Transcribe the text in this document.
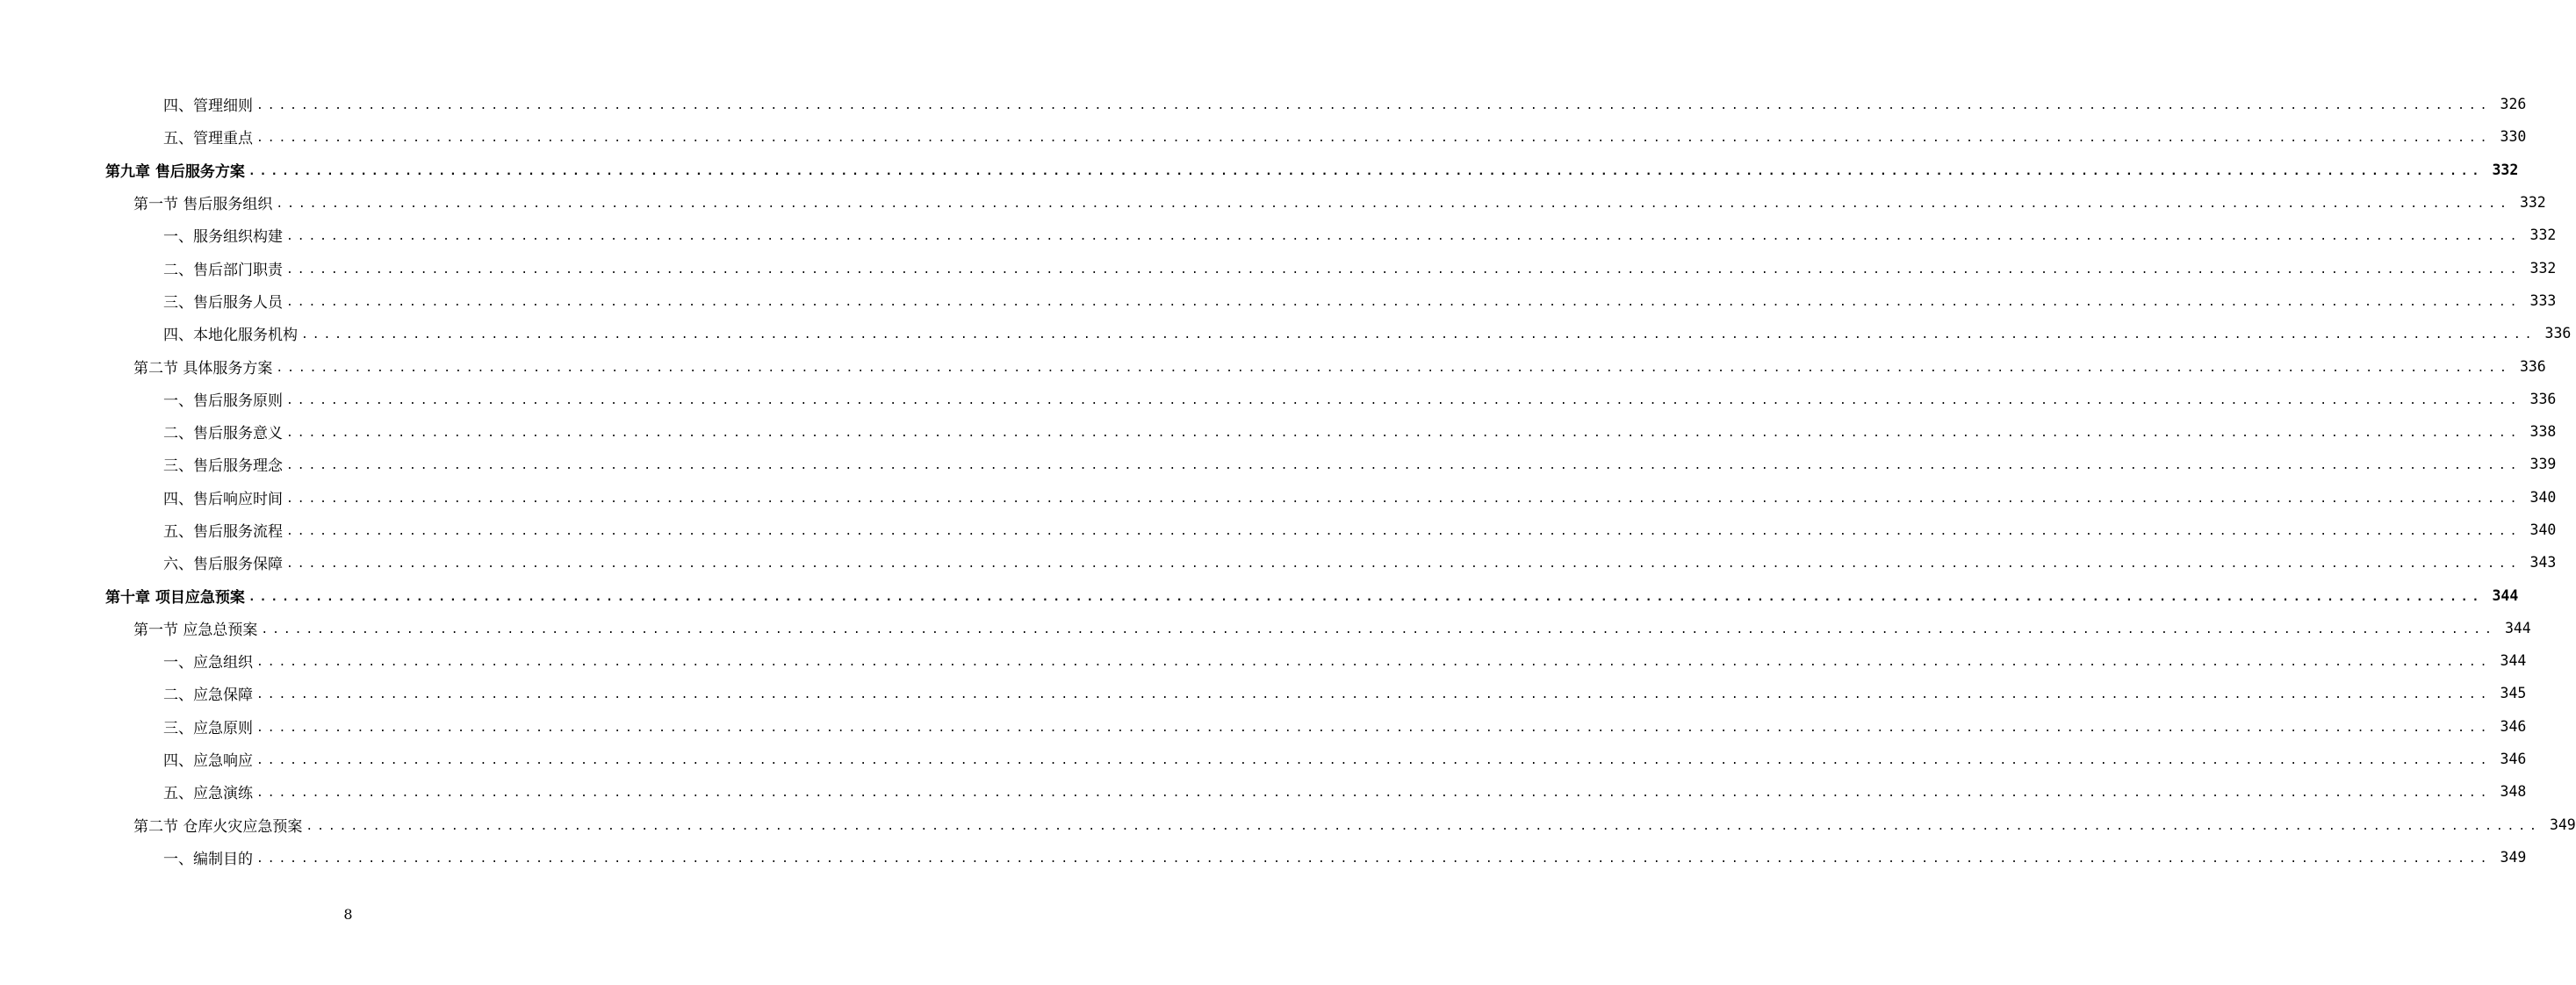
四、管理细则 ........................................................................................................................................................................................................ 326
五、管理重点 ........................................................................................................................................................................................................ 330
第九章 售后服务方案 ........................................................................................................................................................................................................ 332
第一节 售后服务组织 ........................................................................................................................................................................................................ 332
一、服务组织构建 ........................................................................................................................................................................................................ 332
二、售后部门职责 ........................................................................................................................................................................................................ 332
三、售后服务人员 ........................................................................................................................................................................................................ 333
四、本地化服务机构 ........................................................................................................................................................................................................ 336
第二节 具体服务方案 ........................................................................................................................................................................................................ 336
一、售后服务原则 ........................................................................................................................................................................................................ 336
二、售后服务意义 ........................................................................................................................................................................................................ 338
三、售后服务理念 ........................................................................................................................................................................................................ 339
四、售后响应时间 ........................................................................................................................................................................................................ 340
五、售后服务流程 ........................................................................................................................................................................................................ 340
六、售后服务保障 ........................................................................................................................................................................................................ 343
第十章 项目应急预案 ........................................................................................................................................................................................................ 344
第一节 应急总预案 ........................................................................................................................................................................................................ 344
一、应急组织 ........................................................................................................................................................................................................ 344
二、应急保障 ........................................................................................................................................................................................................ 345
三、应急原则 ........................................................................................................................................................................................................ 346
四、应急响应 ........................................................................................................................................................................................................ 346
五、应急演练 ........................................................................................................................................................................................................ 348
第二节 仓库火灾应急预案 ........................................................................................................................................................................................................ 349
一、编制目的 ........................................................................................................................................................................................................ 349
8
